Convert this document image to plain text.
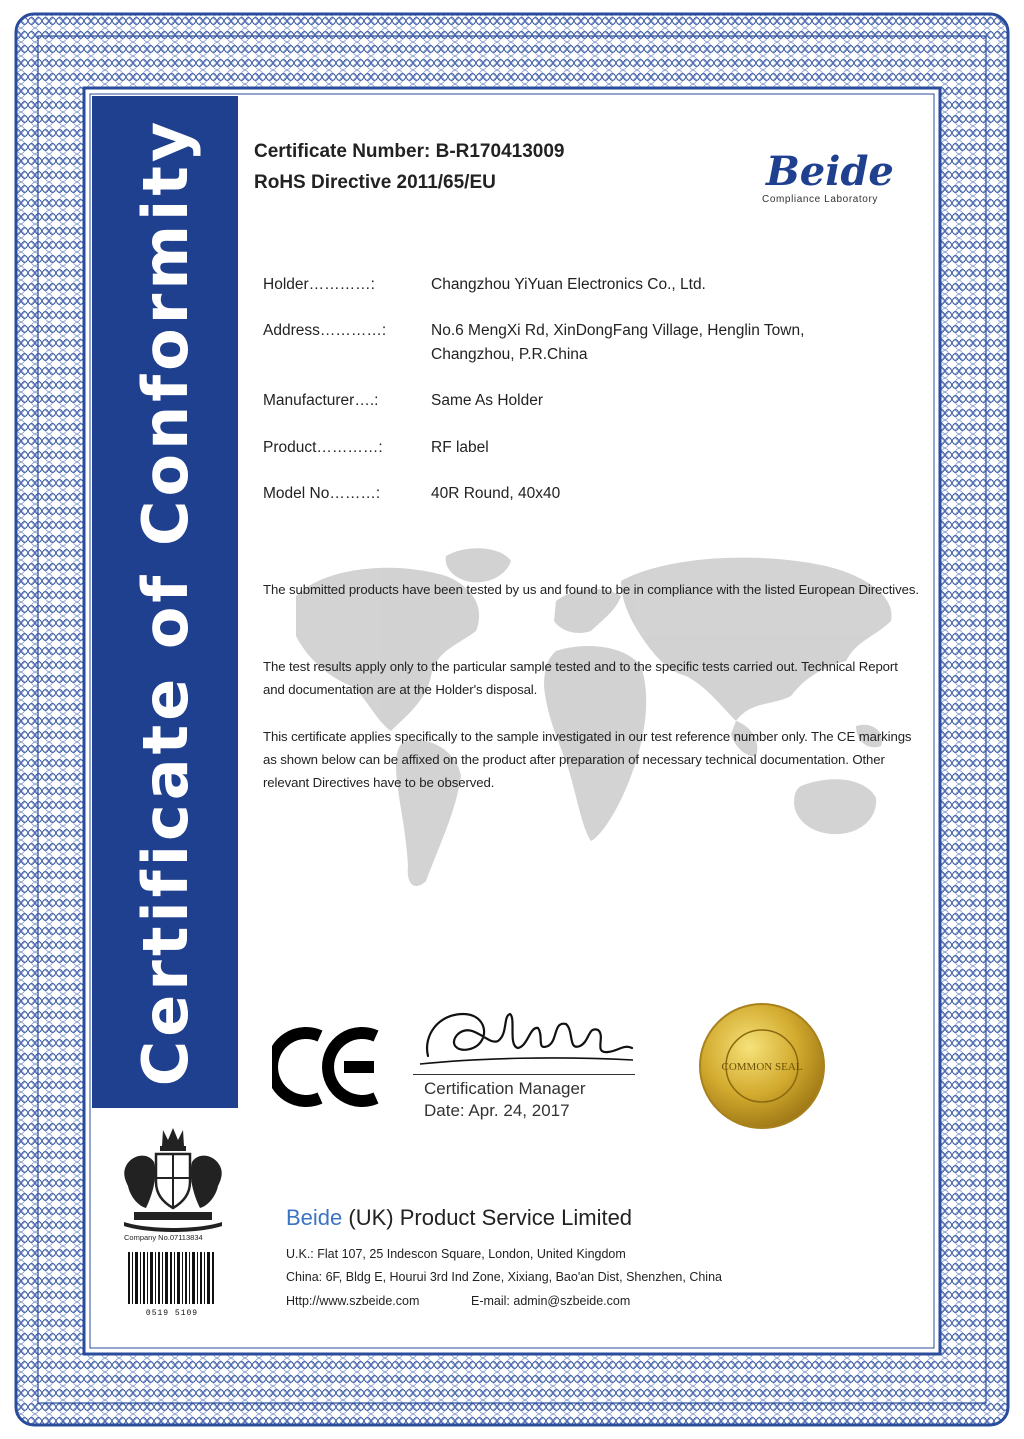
Certificate of Conformity	Certificate Number: B-R170413009
RoHS Directive 2011/65/EU	Beide
Compliance Laboratory
Holder…………:	Changzhou YiYuan Electronics Co., Ltd.
Address…………:	No.6 MengXi Rd, XinDongFang Village, Henglin Town,
Changzhou, P.R.China
Manufacturer….:	Same As Holder
Product…………:	RF label
Model No………:	40R Round, 40x40
The submitted products have been tested by us and found to be in compliance with the listed European Directives.
The test results apply only to the particular sample tested and to the specific tests carried out. Technical Report and documentation are at the Holder's disposal.
This certificate applies specifically to the sample investigated in our test reference number only. The CE markings as shown below can be affixed on the product after preparation of necessary technical documentation. Other relevant Directives have to be observed.
Certification Manager
Date: Apr. 24, 2017
COMMON SEAL
Company No.07113834
0519 5109
Beide (UK) Product Service Limited
U.K.: Flat 107, 25 Indescon Square, London, United Kingdom
China: 6F, Bldg E, Hourui 3rd Ind Zone, Xixiang, Bao'an Dist, Shenzhen, China
Http://www.szbeide.com	E-mail: admin@szbeide.com
